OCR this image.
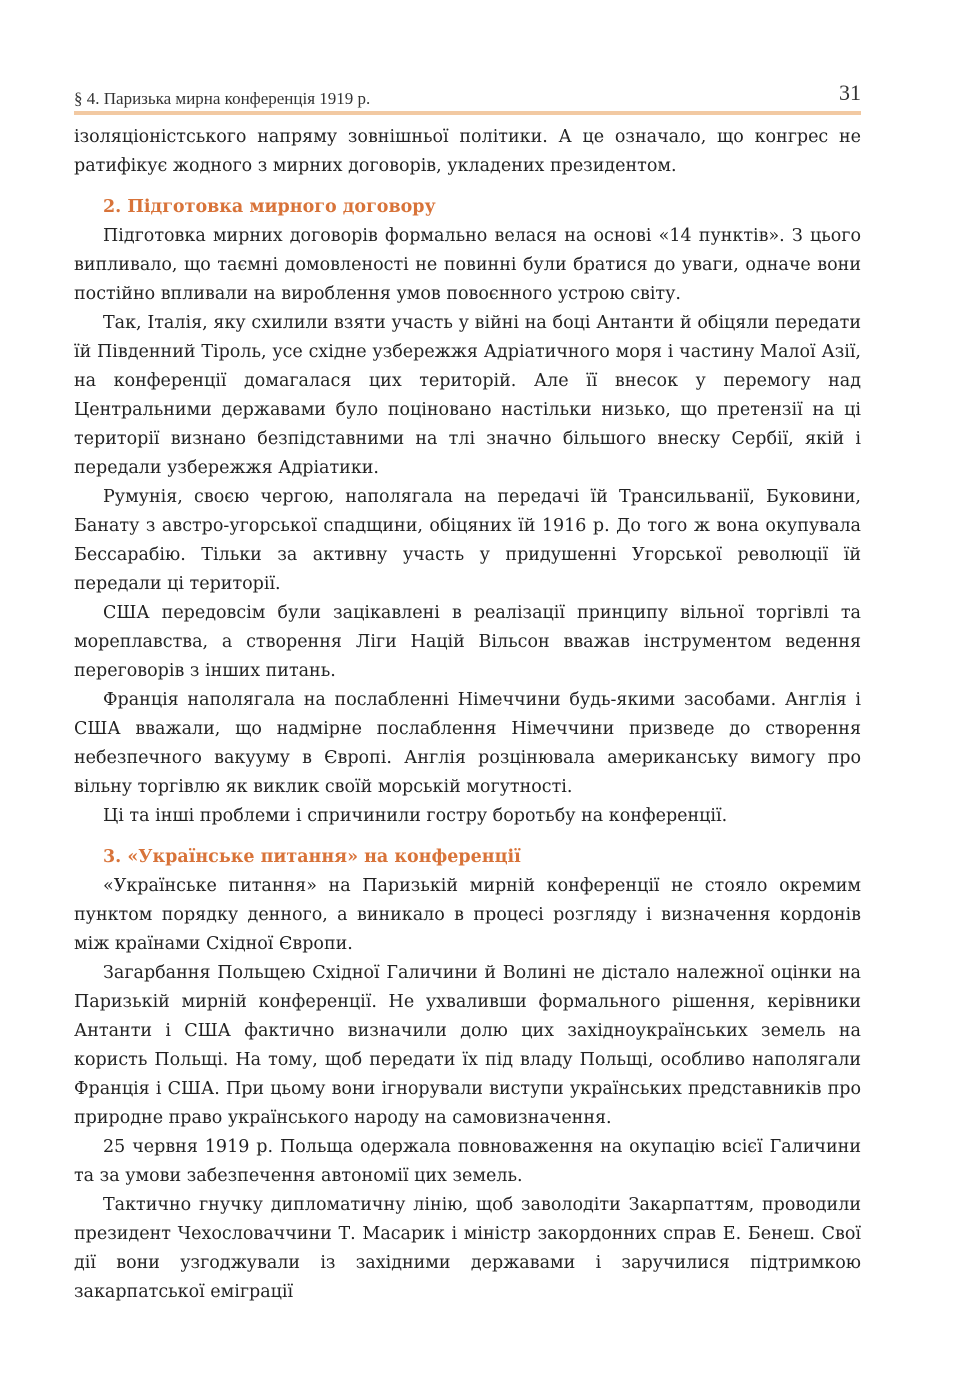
§ 4. Паризька мирна конференція 1919 р.	31

ізоляціоністського напряму зовнішньої політики. А це означало, що конгрес не ратифікує жодного з мирних договорів, укладених президентом.

2. Підготовка мирного договору

Підготовка мирних договорів формально велася на основі «14 пунктів». З цього випливало, що таємні домовленості не повинні були братися до уваги, одначе вони постійно впливали на вироблення умов повоєнного устрою світу.

Так, Італія, яку схилили взяти участь у війні на боці Антанти й обіцяли передати їй Південний Тіроль, усе східне узбережжя Адріатичного моря і частину Малої Азії, на конференції домагалася цих територій. Але її внесок у перемогу над Центральними державами було поціновано настільки низько, що претензії на ці території визнано безпідставними на тлі значно більшого внеску Сербії, якій і передали узбережжя Адріатики.

Румунія, своєю чергою, наполягала на передачі їй Трансильванії, Буковини, Банату з австро-угорської спадщини, обіцяних їй 1916 р. До того ж вона окупувала Бессарабію. Тільки за активну участь у придушенні Угорської революції їй передали ці території.

США передовсім були зацікавлені в реалізації принципу вільної торгівлі та мореплавства, а створення Ліги Націй Вільсон вважав інструментом ведення переговорів з інших питань.

Франція наполягала на послабленні Німеччини будь-якими засобами. Англія і США вважали, що надмірне послаблення Німеччини призведе до створення небезпечного вакууму в Європі. Англія розцінювала американську вимогу про вільну торгівлю як виклик своїй морській могутності.

Ці та інші проблеми і спричинили гостру боротьбу на конференції.

3. «Українське питання» на конференції

«Українське питання» на Паризькій мирній конференції не стояло окремим пунктом порядку денного, а виникало в процесі розгляду і визначення кордонів між країнами Східної Європи.

Загарбання Польщею Східної Галичини й Волині не дістало належної оцінки на Паризькій мирній конференції. Не ухваливши формального рішення, керівники Антанти і США фактично визначили долю цих західноукраїнських земель на користь Польщі. На тому, щоб передати їх під владу Польщі, особливо наполягали Франція і США. При цьому вони ігнорували виступи українських представників про природне право українського народу на самовизначення.

25 червня 1919 р. Польща одержала повноваження на окупацію всієї Галичини та за умови забезпечення автономії цих земель.

Тактично гнучку дипломатичну лінію, щоб заволодіти Закарпаттям, проводили президент Чехословаччини Т. Масарик і міністр закордонних справ Е. Бенеш. Свої дії вони узгоджували із західними державами і заручилися підтримкою закарпатської еміграції
